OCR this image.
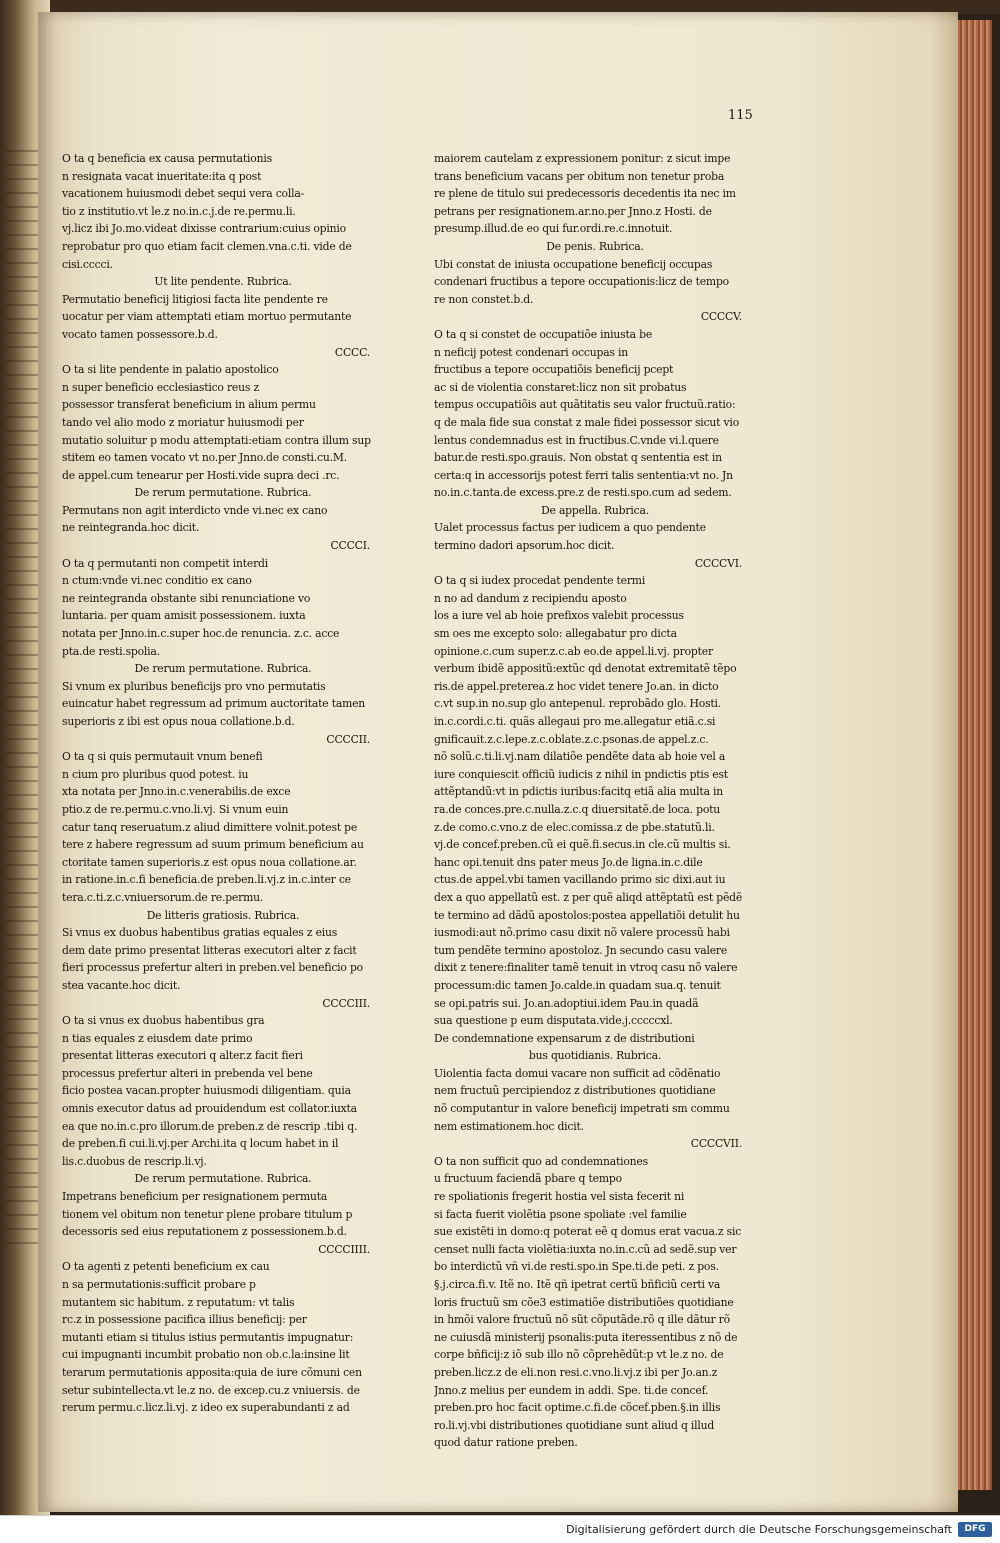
115
O ta q beneficia ex causa permutationis
n resignata vacat inueritate:ita q post
vacationem huiusmodi debet sequi vera colla-
tio z institutio.vt le.z no.in.c.j.de re.permu.li.
vj.licz ibi Jo.mo.videat dixisse contrarium:cuius opinio
reprobatur pro quo etiam facit clemen.vna.c.ti. vide de
cisi.cccci.
Ut lite pendente. Rubrica.
Permutatio beneficij litigiosi facta lite pendente re
uocatur per viam attemptati etiam mortuo permutante
vocato tamen possessore.b.d.
CCCC.
O ta si lite pendente in palatio apostolico
n super beneficio ecclesiastico reus z
possessor transferat beneficium in alium permu
tando vel alio modo z moriatur huiusmodi per
mutatio soluitur p modu attemptati:etiam contra illum sup
stitem eo tamen vocato vt no.per Jnno.de consti.cu.M.
de appel.cum tenearur per Hosti.vide supra deci .rc.
De rerum permutatione. Rubrica.
Permutans non agit interdicto vnde vi.nec ex cano
ne reintegranda.hoc dicit.
CCCCI.
O ta q permutanti non competit interdi
n ctum:vnde vi.nec conditio ex cano
ne reintegranda obstante sibi renunciatione vo
luntaria. per quam amisit possessionem. iuxta
notata per Jnno.in.c.super hoc.de renuncia. z.c. acce
pta.de resti.spolia.
De rerum permutatione. Rubrica.
Si vnum ex pluribus beneficijs pro vno permutatis
euincatur habet regressum ad primum auctoritate tamen
superioris z ibi est opus noua collatione.b.d.
CCCCII.
O ta q si quis permutauit vnum benefi
n cium pro pluribus quod potest. iu
xta notata per Jnno.in.c.venerabilis.de exce
ptio.z de re.permu.c.vno.li.vj. Si vnum euin
catur tanq reseruatum.z aliud dimittere volnit.potest pe
tere z habere regressum ad suum primum beneficium au
ctoritate tamen superioris.z est opus noua collatione.ar.
in ratione.in.c.fi beneficia.de preben.li.vj.z in.c.inter ce
tera.c.ti.z.c.vniuersorum.de re.permu.
De litteris gratiosis. Rubrica.
Si vnus ex duobus habentibus gratias equales z eius
dem date primo presentat litteras executori alter z facit
fieri processus prefertur alteri in preben.vel beneficio po
stea vacante.hoc dicit.
CCCCIII.
O ta si vnus ex duobus habentibus gra
n tias equales z eiusdem date primo
presentat litteras executori q alter.z facit fieri
processus prefertur alteri in prebenda vel bene
ficio postea vacan.propter huiusmodi diligentiam. quia
omnis executor datus ad prouidendum est collator.iuxta
ea que no.in.c.pro illorum.de preben.z de rescrip .tibi q.
de preben.fi cui.li.vj.per Archi.ita q locum habet in il
lis.c.duobus de rescrip.li.vj.
De rerum permutatione. Rubrica.
Impetrans beneficium per resignationem permuta
tionem vel obitum non tenetur plene probare titulum p
decessoris sed eius reputationem z possessionem.b.d.
CCCCIIII.
O ta agenti z petenti beneficium ex cau
n sa permutationis:sufficit probare p
mutantem sic habitum. z reputatum: vt talis
rc.z in possessione pacifica illius beneficij: per
mutanti etiam si titulus istius permutantis impugnatur:
cui impugnanti incumbit probatio non ob.c.la:insine lit
terarum permutationis apposita:quia de iure cõmuni cen
setur subintellecta.vt le.z no. de excep.cu.z vniuersis. de
rerum permu.c.licz.li.vj. z ideo ex superabundanti z ad
maiorem cautelam z expressionem ponitur: z sicut impe
trans beneficium vacans per obitum non tenetur proba
re plene de titulo sui predecessoris decedentis ita nec im
petrans per resignationem.ar.no.per Jnno.z Hosti. de
presump.illud.de eo qui fur.ordi.re.c.innotuit.
De penis. Rubrica.
Ubi constat de iniusta occupatione beneficij occupas
condenari fructibus a tepore occupationis:licz de tempo
re non constet.b.d.
CCCCV.
O ta q si constet de occupatiõe iniusta be
n neficij potest condenari occupas in
fructibus a tepore occupatiõis beneficij pcept
ac si de violentia constaret:licz non sit probatus
tempus occupatiõis aut quãtitatis seu valor fructuũ.ratio:
q de mala fide sua constat z male fidei possessor sicut vio
lentus condemnadus est in fructibus.C.vnde vi.l.quere
batur.de resti.spo.grauis. Non obstat q sententia est in
certa:q in accessorijs potest ferri talis sententia:vt no. Jn
no.in.c.tanta.de excess.pre.z de resti.spo.cum ad sedem.
De appella. Rubrica.
Ualet processus factus per iudicem a quo pendente
termino dadori apsorum.hoc dicit.
CCCCVI.
O ta q si iudex procedat pendente termi
n no ad dandum z recipiendu aposto
los a iure vel ab hoie prefixos valebit processus
sm oes me excepto solo: allegabatur pro dicta
opinione.c.cum super.z.c.ab eo.de appel.li.vj. propter
verbum ibidẽ appositũ:extũc qd denotat extremitatẽ tẽpo
ris.de appel.preterea.z hoc videt tenere Jo.an. in dicto
c.vt sup.in no.sup glo antepenul. reprobãdo glo. Hosti.
in.c.cordi.c.ti. quãs allegaui pro me.allegatur etiã.c.si
gnificauit.z.c.lepe.z.c.oblate.z.c.psonas.de appel.z.c.
nõ solũ.c.ti.li.vj.nam dilatiõe pendẽte data ab hoie vel a
iure conquiescit officiũ iudicis z nihil in pndictis ptis est
attẽptandũ:vt in pdictis iuribus:facitq etiã alia multa in
ra.de conces.pre.c.nulla.z.c.q diuersitatẽ.de loca. potu
z.de como.c.vno.z de elec.comissa.z de pbe.statutũ.li.
vj.de concef.preben.cũ ei quẽ.fi.secus.in cle.cũ multis si.
hanc opi.tenuit dns pater meus Jo.de ligna.in.c.dile
ctus.de appel.vbi tamen vacillando primo sic dixi.aut iu
dex a quo appellatũ est. z per quẽ aliqd attẽptatũ est pẽdẽ
te termino ad dãdũ apostolos:postea appellatiõi detulit hu
iusmodi:aut nõ.primo casu dixit nõ valere processũ habi
tum pendẽte termino apostoloz. Jn secundo casu valere
dixit z tenere:finaliter tamẽ tenuit in vtroq casu nõ valere
processum:dic tamen Jo.calde.in quadam sua.q. tenuit
se opi.patris sui. Jo.an.adoptiui.idem Pau.in quadã
sua questione p eum disputata.vide.j.cccccxl.
De condemnatione expensarum z de distributioni
bus quotidianis. Rubrica.
Uiolentia facta domui vacare non sufficit ad cõdẽnatio
nem fructuũ percipiendoz z distributiones quotidiane
nõ computantur in valore beneficij impetrati sm commu
nem estimationem.hoc dicit.
CCCCVII.
O ta non sufficit quo ad condemnationes
u fructuum faciendã pbare q tempo
re spoliationis fregerit hostia vel sista fecerit ni
si facta fuerit violẽtia psone spoliate :vel familie
sue existẽti in domo:q poterat eẽ q domus erat vacua.z sic
censet nulli facta violẽtia:iuxta no.in.c.cũ ad sedẽ.sup ver
bo interdictũ vñ vi.de resti.spo.in Spe.ti.de peti. z pos.
§.j.circa.fi.v. Itẽ no. Itẽ qñ ipetrat certũ bñficiũ certi va
loris fructuũ sm cõe3 estimatiõe distributiões quotidiane
in hmõi valore fructuũ nõ sũt cõputãde.rõ q ille dãtur rõ
ne cuiusdã ministerij psonalis:puta iteressentibus z nõ de
corpe bñficij:z iõ sub illo nõ cõprehẽdũt:p vt le.z no. de
preben.licz.z de eli.non resi.c.vno.li.vj.z ibi per Jo.an.z
Jnno.z melius per eundem in addi. Spe. ti.de concef.
preben.pro hoc facit optime.c.fi.de cõcef.pben.§.in illis
ro.li.vj.vbi distributiones quotidiane sunt aliud q illud
quod datur ratione preben.
Digitalisierung gefördert durch die Deutsche Forschungsgemeinschaft	DFG
